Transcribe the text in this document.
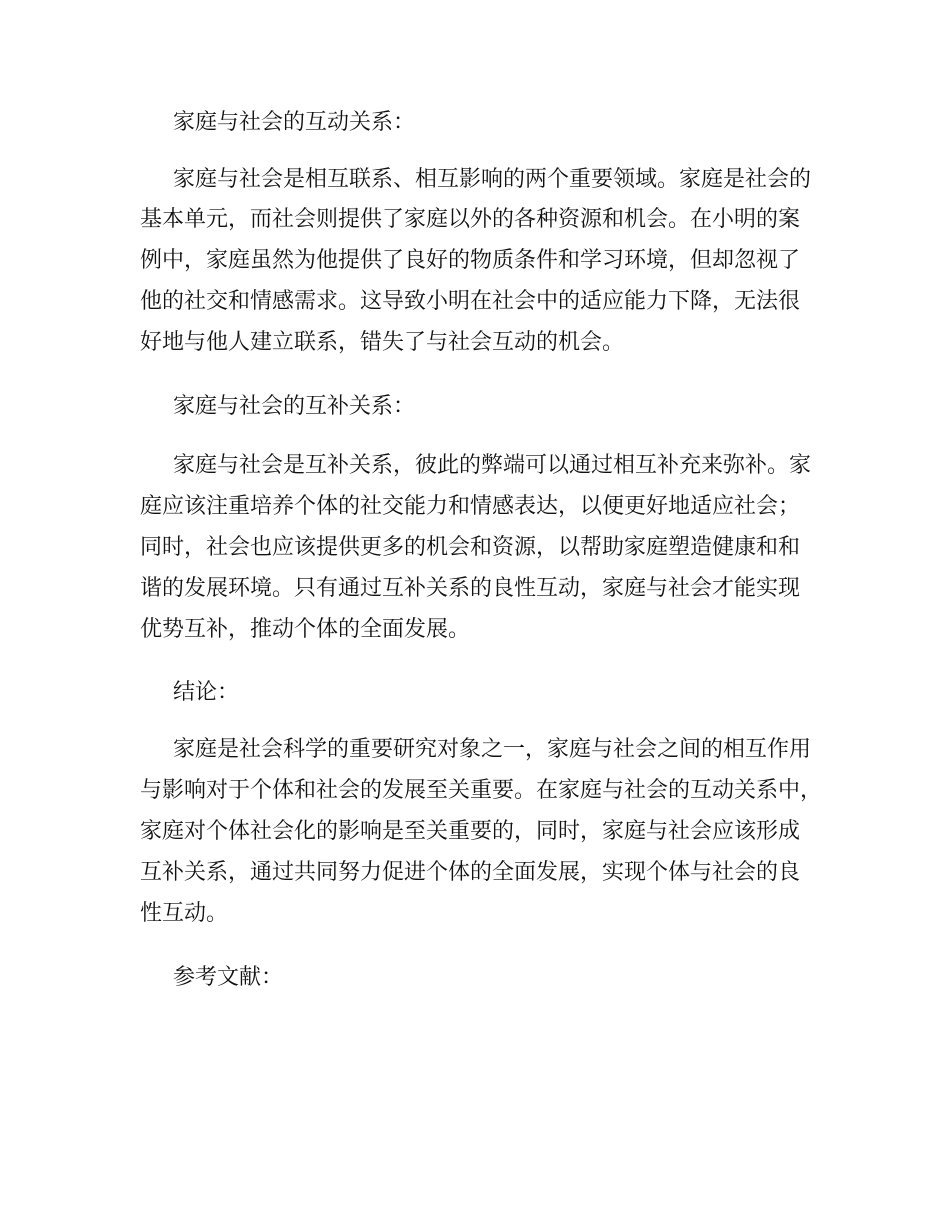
家庭与社会的互动关系：
家庭与社会是相互联系、相互影响的两个重要领域。家庭是社会的
基本单元，而社会则提供了家庭以外的各种资源和机会。在小明的案
例中，家庭虽然为他提供了良好的物质条件和学习环境，但却忽视了
他的社交和情感需求。这导致小明在社会中的适应能力下降，无法很
好地与他人建立联系，错失了与社会互动的机会。
家庭与社会的互补关系：
家庭与社会是互补关系，彼此的弊端可以通过相互补充来弥补。家
庭应该注重培养个体的社交能力和情感表达，以便更好地适应社会；
同时，社会也应该提供更多的机会和资源，以帮助家庭塑造健康和和
谐的发展环境。只有通过互补关系的良性互动，家庭与社会才能实现
优势互补，推动个体的全面发展。
结论：
家庭是社会科学的重要研究对象之一，家庭与社会之间的相互作用
与影响对于个体和社会的发展至关重要。在家庭与社会的互动关系中，
家庭对个体社会化的影响是至关重要的，同时，家庭与社会应该形成
互补关系，通过共同努力促进个体的全面发展，实现个体与社会的良
性互动。
参考文献：
